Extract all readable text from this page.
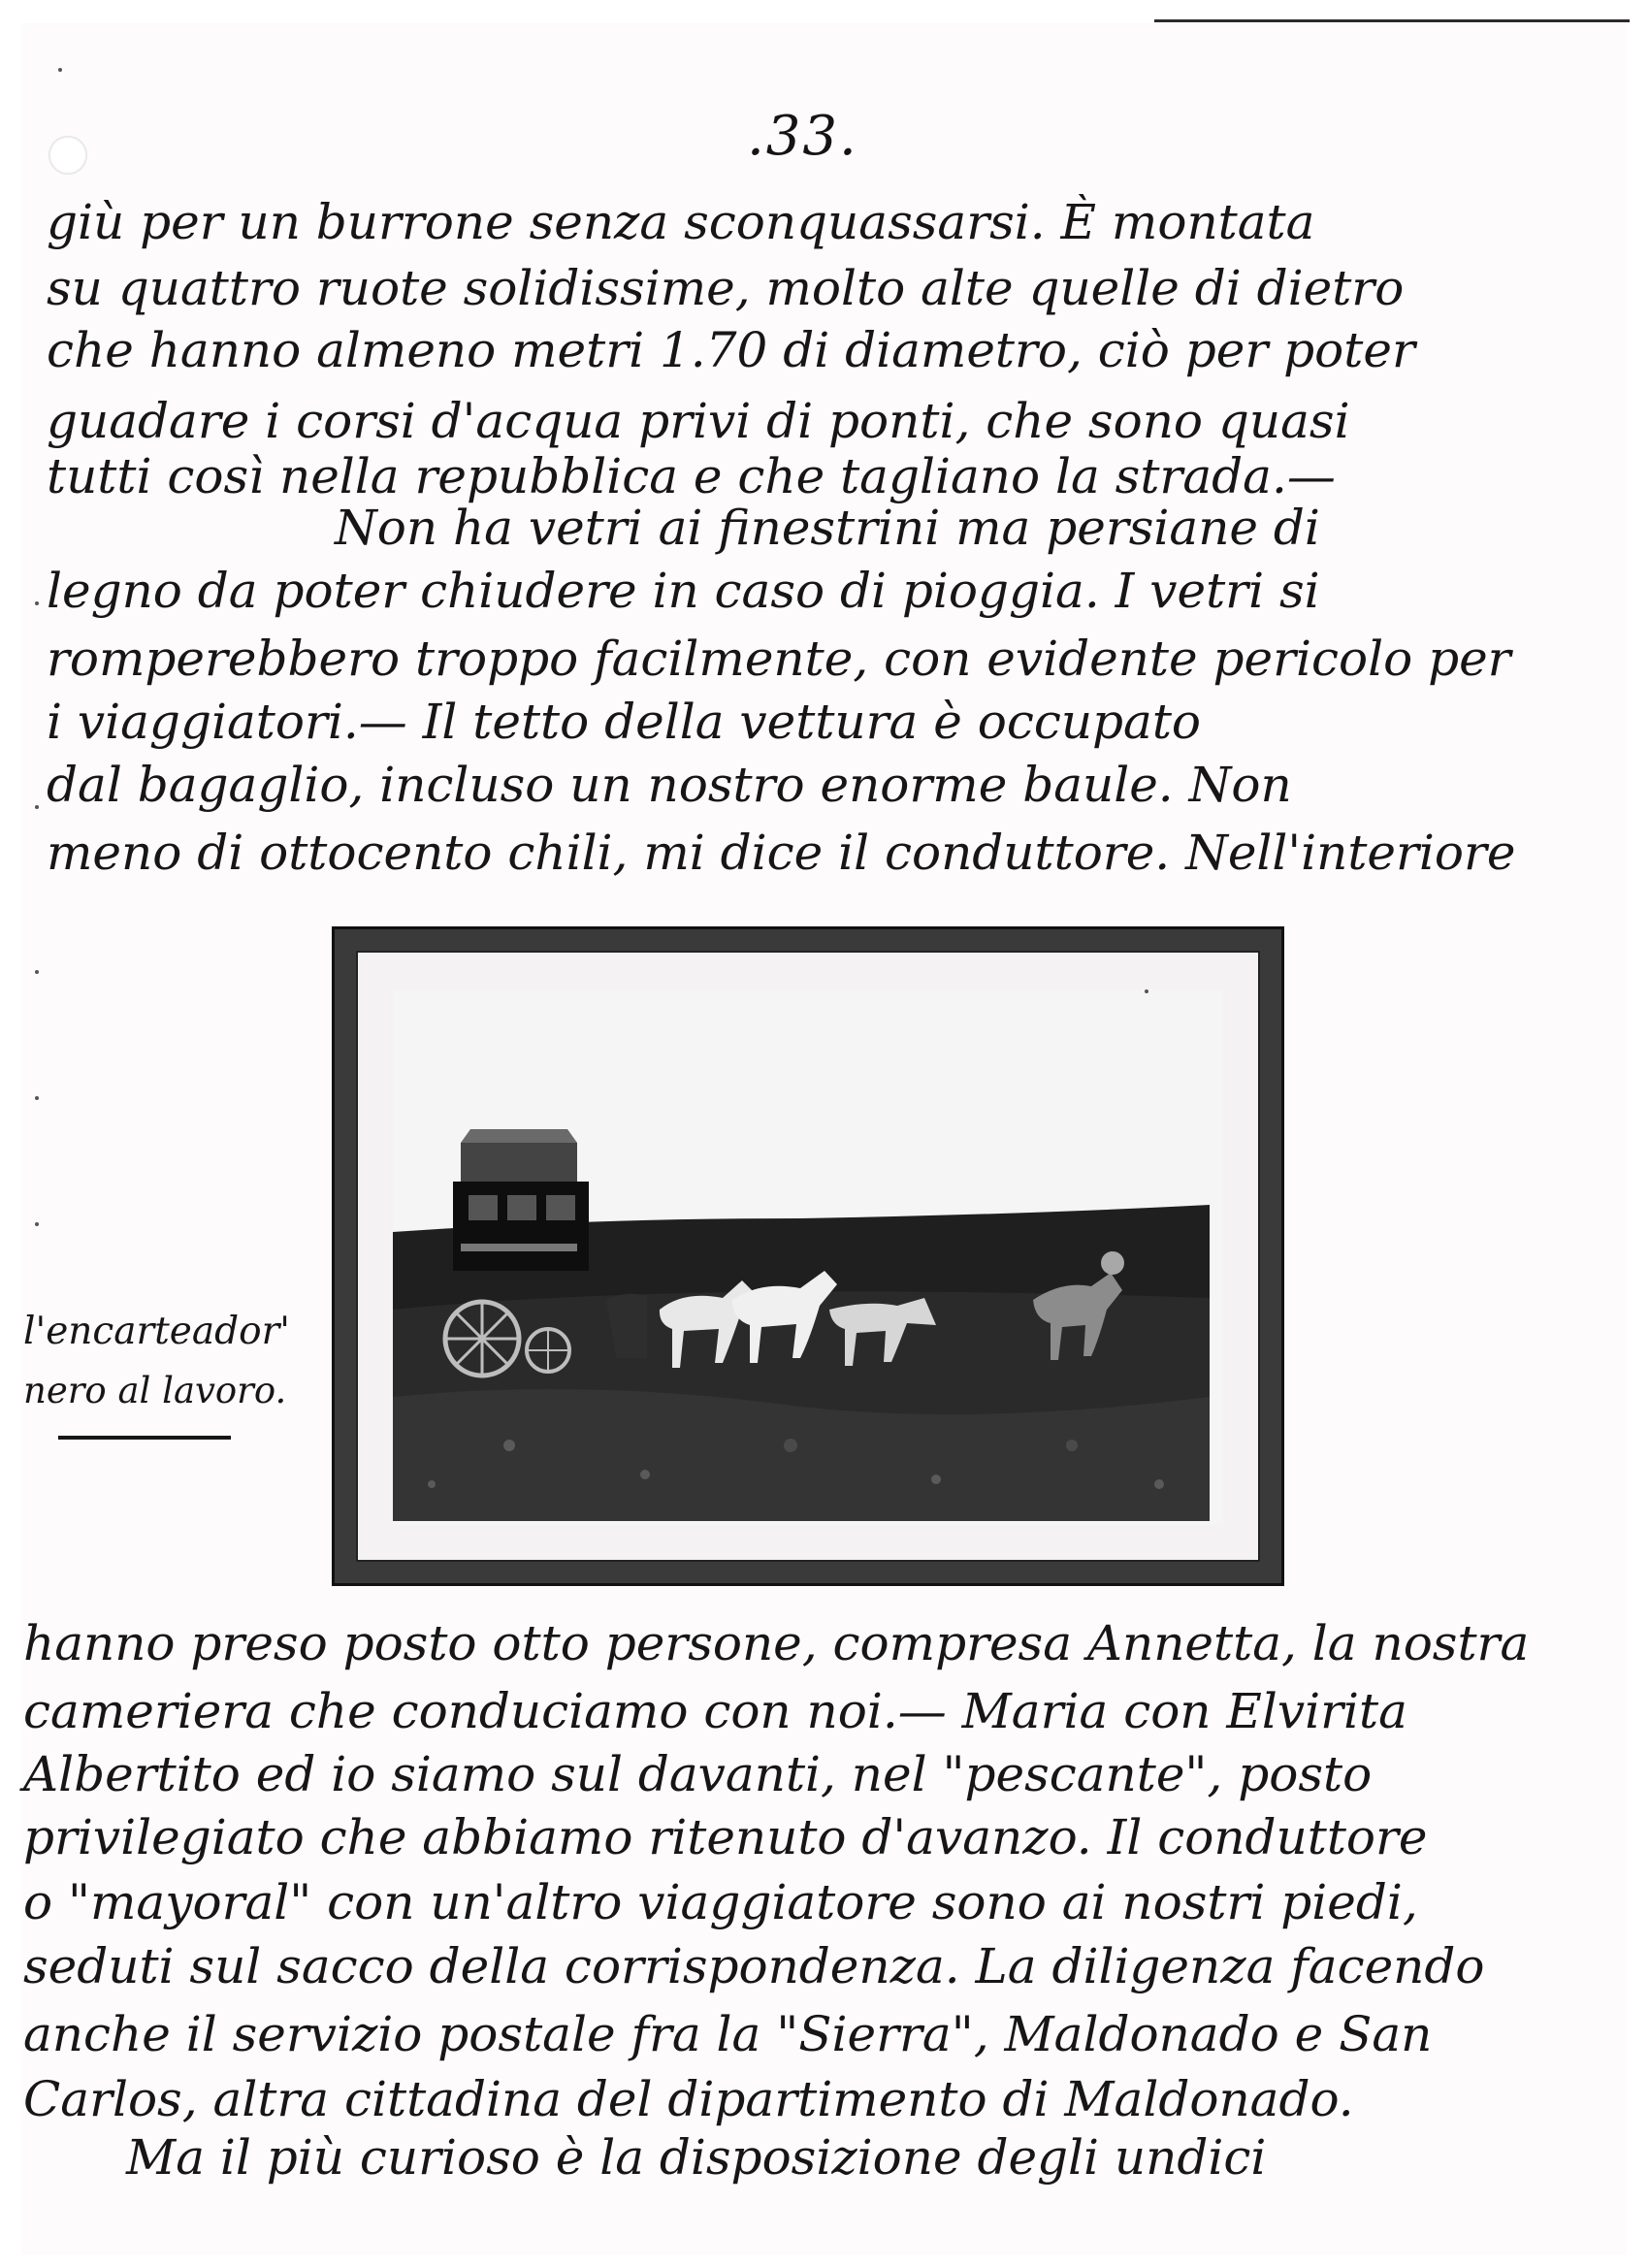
.33.
giù per un burrone senza sconquassarsi. È montata
su quattro ruote solidissime, molto alte quelle di dietro
che hanno almeno metri 1.70 di diametro, ciò per poter
guadare i corsi d'acqua privi di ponti, che sono quasi
tutti così nella repubblica e che tagliano la strada.—
Non ha vetri ai finestrini ma persiane di
legno da poter chiudere in caso di pioggia. I vetri si
romperebbero troppo facilmente, con evidente pericolo per
i viaggiatori.— Il tetto della vettura è occupato
dal bagaglio, incluso un nostro enorme baule. Non
meno di ottocento chili, mi dice il conduttore. Nell'interiore
l'encarteador'
nero al lavoro.
hanno preso posto otto persone, compresa Annetta, la nostra
cameriera che conduciamo con noi.— Maria con Elvirita
Albertito ed io siamo sul davanti, nel "pescante", posto
privilegiato che abbiamo ritenuto d'avanzo. Il conduttore
o "mayoral" con un'altro viaggiatore sono ai nostri piedi,
seduti sul sacco della corrispondenza. La diligenza facendo
anche il servizio postale fra la "Sierra", Maldonado e San
Carlos, altra cittadina del dipartimento di Maldonado.
Ma il più curioso è la disposizione degli undici
